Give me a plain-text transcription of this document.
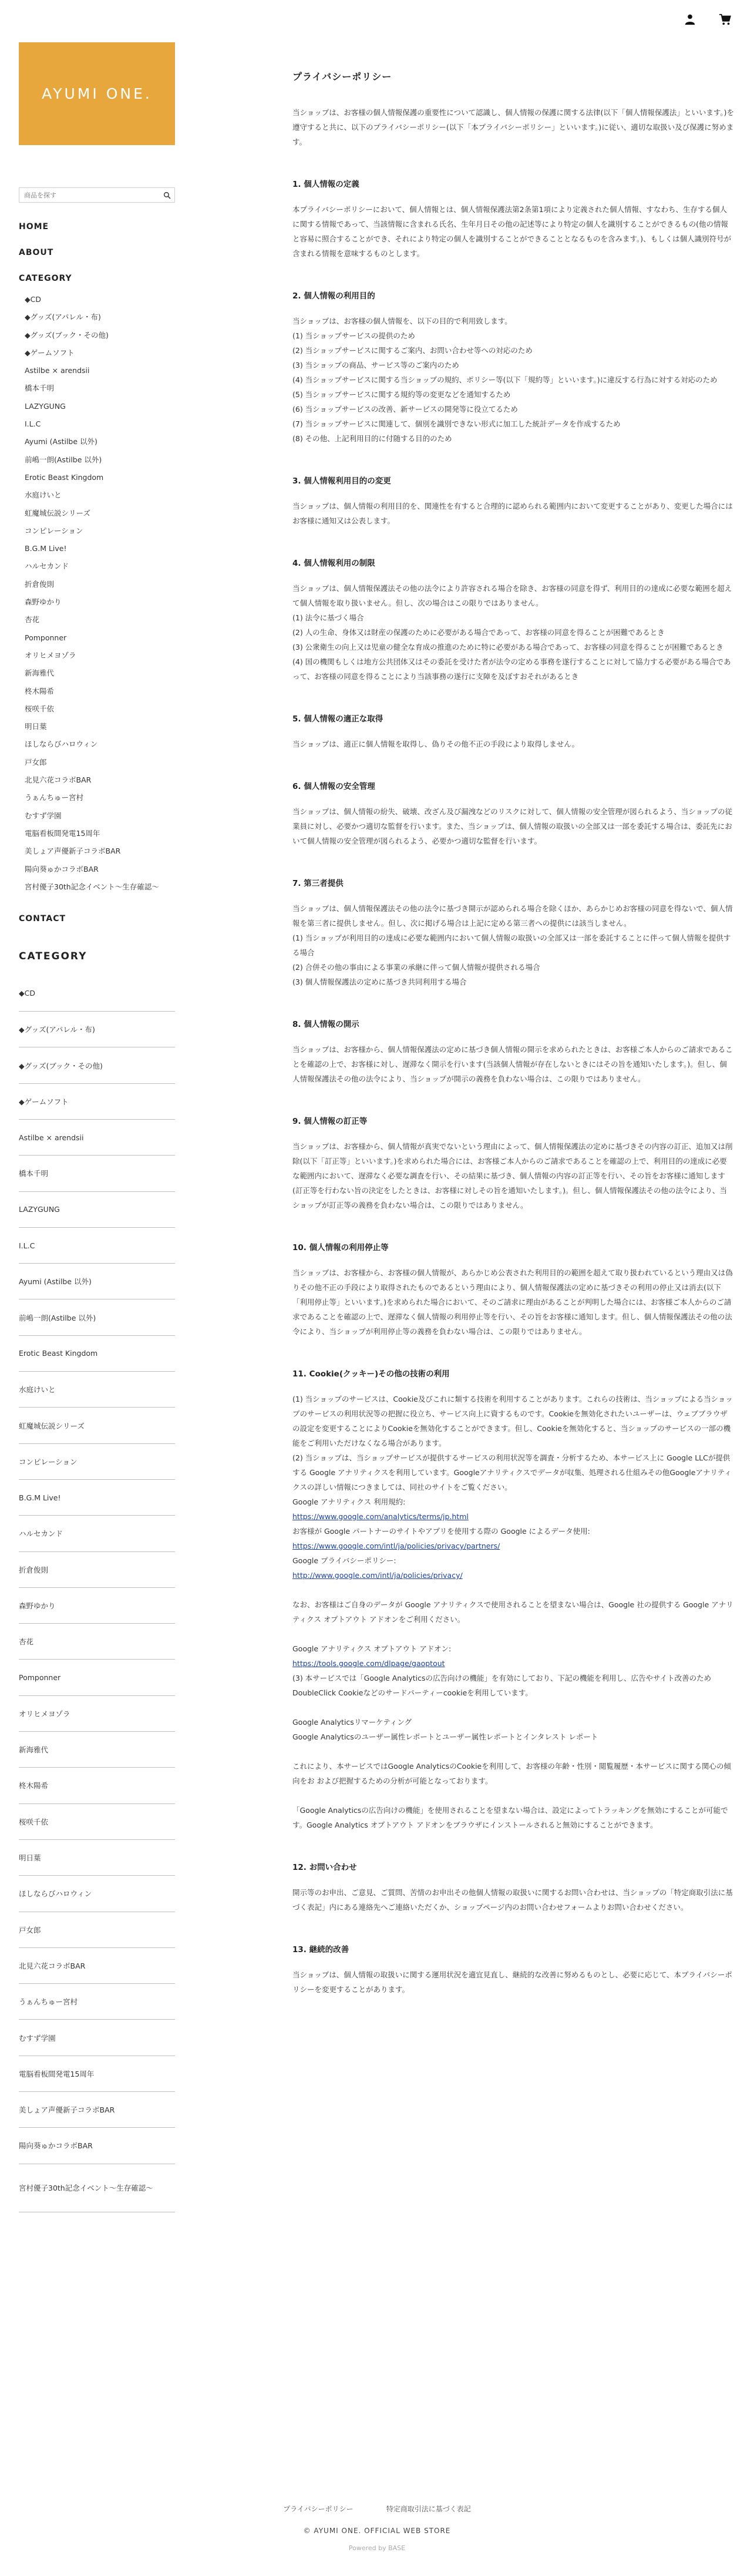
AYUMI ONE.
商品を探す
HOME
ABOUT
CATEGORY
◆CD
◆グッズ(アパレル・布)
◆グッズ(ブック・その他)
◆ゲームソフト
Astilbe × arendsii
橋本千明
LAZYGUNG
I.L.C
Ayumi (Astilbe 以外)
前嶋一朗(Astilbe 以外)
Erotic Beast Kingdom
水庭けいと
虹魔城伝説シリーズ
コンピレーション
B.G.M Live!
ハルセカンド
折倉俊則
森野ゆかり
杏花
Pomponner
オリヒメヨゾラ
新海雅代
柊木陽希
桜咲千依
明日葉
ほしならびハロウィン
戸女郎
北見六花コラボBAR
うぁんちゅー宮村
むすず学園
電脳看板間発電15周年
美しょア声優新子コラボBAR
陽向葵ゅかコラボBAR
宮村優子30th記念イベント〜生存確認〜
CONTACT
CATEGORY
◆CD
◆グッズ(アパレル・布)
◆グッズ(ブック・その他)
◆ゲームソフト
Astilbe × arendsii
橋本千明
LAZYGUNG
I.L.C
Ayumi (Astilbe 以外)
前嶋一朗(Astilbe 以外)
Erotic Beast Kingdom
水庭けいと
虹魔城伝説シリーズ
コンピレーション
B.G.M Live!
ハルセカンド
折倉俊則
森野ゆかり
杏花
Pomponner
オリヒメヨゾラ
新海雅代
柊木陽希
桜咲千依
明日葉
ほしならびハロウィン
戸女郎
北見六花コラボBAR
うぁんちゅー宮村
むすず学園
電脳看板間発電15周年
美しょア声優新子コラボBAR
陽向葵ゅかコラボBAR
宮村優子30th記念イベント〜生存確認〜
プライバシーポリシー

当ショップは、お客様の個人情報保護の重要性について認識し、個人情報の保護に関する法律(以下「個人情報保護法」といいます。)を遵守すると共に、以下のプライバシーポリシー(以下「本プライバシーポリシー」といいます。)に従い、適切な取扱い及び保護に努めます。

1. 個人情報の定義
本プライバシーポリシーにおいて、個人情報とは、個人情報保護法第2条第1項により定義された個人情報、すなわち、生存する個人に関する情報であって、当該情報に含まれる氏名、生年月日その他の記述等により特定の個人を識別することができるもの(他の情報と容易に照合することができ、それにより特定の個人を識別することができることとなるものを含みます。)、もしくは個人識別符号が含まれる情報を意味するものとします。
2. 個人情報の利用目的
当ショップは、お客様の個人情報を、以下の目的で利用致します。
(1) 当ショップサービスの提供のため
(2) 当ショップサービスに関するご案内、お問い合わせ等への対応のため
(3) 当ショップの商品、サービス等のご案内のため
(4) 当ショップサービスに関する当ショップの規約、ポリシー等(以下「規約等」といいます。)に違反する行為に対する対応のため
(5) 当ショップサービスに関する規約等の変更などを通知するため
(6) 当ショップサービスの改善、新サービスの開発等に役立てるため
(7) 当ショップサービスに関連して、個別を識別できない形式に加工した統計データを作成するため
(8) その他、上記利用目的に付随する目的のため
3. 個人情報利用目的の変更
当ショップは、個人情報の利用目的を、関連性を有すると合理的に認められる範囲内において変更することがあり、変更した場合にはお客様に通知又は公表します。
4. 個人情報利用の制限
当ショップは、個人情報保護法その他の法令により許容される場合を除き、お客様の同意を得ず、利用目的の達成に必要な範囲を超えて個人情報を取り扱いません。但し、次の場合はこの限りではありません。
(1) 法令に基づく場合
(2) 人の生命、身体又は財産の保護のために必要がある場合であって、お客様の同意を得ることが困難であるとき
(3) 公衆衛生の向上又は児童の健全な育成の推進のために特に必要がある場合であって、お客様の同意を得ることが困難であるとき
(4) 国の機関もしくは地方公共団体又はその委託を受けた者が法令の定める事務を遂行することに対して協力する必要がある場合であって、お客様の同意を得ることにより当該事務の遂行に支障を及ぼすおそれがあるとき
5. 個人情報の適正な取得
当ショップは、適正に個人情報を取得し、偽りその他不正の手段により取得しません。
6. 個人情報の安全管理
当ショップは、個人情報の紛失、破壊、改ざん及び漏洩などのリスクに対して、個人情報の安全管理が図られるよう、当ショップの従業員に対し、必要かつ適切な監督を行います。また、当ショップは、個人情報の取扱いの全部又は一部を委託する場合は、委託先において個人情報の安全管理が図られるよう、必要かつ適切な監督を行います。
7. 第三者提供
当ショップは、個人情報保護法その他の法令に基づき開示が認められる場合を除くほか、あらかじめお客様の同意を得ないで、個人情報を第三者に提供しません。但し、次に掲げる場合は上記に定める第三者への提供には該当しません。
(1) 当ショップが利用目的の達成に必要な範囲内において個人情報の取扱いの全部又は一部を委託することに伴って個人情報を提供する場合
(2) 合併その他の事由による事業の承継に伴って個人情報が提供される場合
(3) 個人情報保護法の定めに基づき共同利用する場合
8. 個人情報の開示
当ショップは、お客様から、個人情報保護法の定めに基づき個人情報の開示を求められたときは、お客様ご本人からのご請求であることを確認の上で、お客様に対し、遅滞なく開示を行います(当該個人情報が存在しないときにはその旨を通知いたします。)。但し、個人情報保護法その他の法令により、当ショップが開示の義務を負わない場合は、この限りではありません。
9. 個人情報の訂正等
当ショップは、お客様から、個人情報が真実でないという理由によって、個人情報保護法の定めに基づきその内容の訂正、追加又は削除(以下「訂正等」といいます。)を求められた場合には、お客様ご本人からのご請求であることを確認の上で、利用目的の達成に必要な範囲内において、遅滞なく必要な調査を行い、その結果に基づき、個人情報の内容の訂正等を行い、その旨をお客様に通知します(訂正等を行わない旨の決定をしたときは、お客様に対しその旨を通知いたします。)。但し、個人情報保護法その他の法令により、当ショップが訂正等の義務を負わない場合は、この限りではありません。
10. 個人情報の利用停止等
当ショップは、お客様から、お客様の個人情報が、あらかじめ公表された利用目的の範囲を超えて取り扱われているという理由又は偽りその他不正の手段により取得されたものであるという理由により、個人情報保護法の定めに基づきその利用の停止又は消去(以下「利用停止等」といいます。)を求められた場合において、そのご請求に理由があることが判明した場合には、お客様ご本人からのご請求であることを確認の上で、遅滞なく個人情報の利用停止等を行い、その旨をお客様に通知します。但し、個人情報保護法その他の法令により、当ショップが利用停止等の義務を負わない場合は、この限りではありません。
11. Cookie(クッキー)その他の技術の利用
(1) 当ショップのサービスは、Cookie及びこれに類する技術を利用することがあります。これらの技術は、当ショップによる当ショップのサービスの利用状況等の把握に役立ち、サービス向上に資するものです。Cookieを無効化されたいユーザーは、ウェブブラウザの設定を変更することによりCookieを無効化することができます。但し、Cookieを無効化すると、当ショップのサービスの一部の機能をご利用いただけなくなる場合があります。
(2) 当ショップは、当ショップサービスが提供するサービスの利用状況等を調査・分析するため、本サービス上に Google LLCが提供する Google アナリティクスを利用しています。Googleアナリティクスでデータが収集、処理される仕組みその他Googleアナリティクスの詳しい情報につきましては、同社のサイトをご覧ください。
Google アナリティクス 利用規約:
https://www.google.com/analytics/terms/jp.html
お客様が Google パートナーのサイトやアプリを使用する際の Google によるデータ使用:
https://www.google.com/intl/ja/policies/privacy/partners/
Google プライバシーポリシー:
http://www.google.com/intl/ja/policies/privacy/
なお、お客様はご自身のデータが Google アナリティクスで使用されることを望まない場合は、Google 社の提供する Google アナリティクス オプトアウト アドオンをご利用ください。
Google アナリティクス オプトアウト アドオン:
https://tools.google.com/dlpage/gaoptout
(3) 本サービスでは「Google Analyticsの広告向けの機能」を有効にしており、下記の機能を利用し、広告やサイト改善のためDoubleClick Cookieなどのサードパーティーcookieを利用しています。
Google Analyticsリマーケティング
Google Analyticsのユーザー属性レポートとユーザー属性レポートとインタレスト レポート
これにより、本サービスではGoogle AnalyticsのCookieを利用して、お客様の年齢・性別・閲覧履歴・本サービスに関する関心の傾向をお および把握するための分析が可能となっております。
「Google Analyticsの広告向けの機能」を使用されることを望まない場合は、設定によってトラッキングを無効にすることが可能です。Google Analytics オプトアウト アドオンをブラウザにインストールされると無効にすることができます。
12. お問い合わせ
開示等のお申出、ご意見、ご質問、苦情のお申出その他個人情報の取扱いに関するお問い合わせは、当ショップの「特定商取引法に基づく表記」内にある連絡先へご連絡いただくか、ショップページ内のお問い合わせフォームよりお問い合わせください。
13. 継続的改善
当ショップは、個人情報の取扱いに関する運用状況を適宜見直し、継続的な改善に努めるものとし、必要に応じて、本プライバシーポリシーを変更することがあります。
プライバシーポリシー	特定商取引法に基づく表記
© AYUMI ONE. OFFICIAL WEB STORE
Powered by BASE
